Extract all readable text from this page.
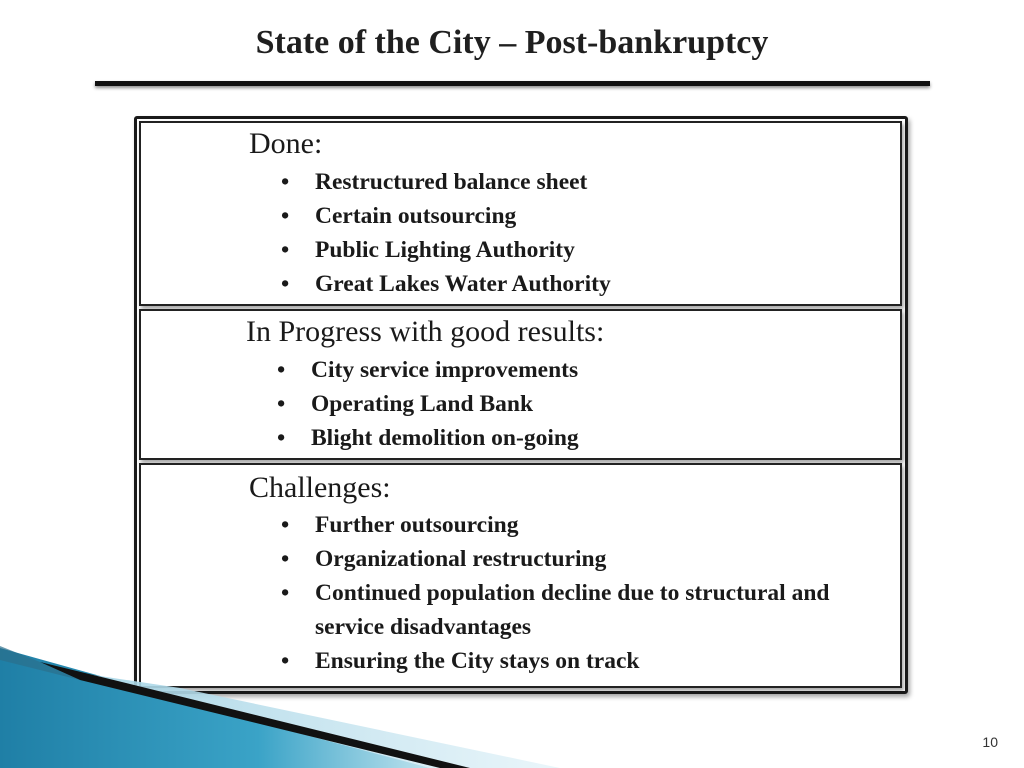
State of the City – Post-bankruptcy
Done:
• Restructured balance sheet
• Certain outsourcing
• Public Lighting Authority
• Great Lakes Water Authority
In Progress with good results:
• City service improvements
• Operating Land Bank
• Blight demolition on-going
Challenges:
• Further outsourcing
• Organizational restructuring
• Continued population decline due to structural and service disadvantages
• Ensuring the City stays on track
10
